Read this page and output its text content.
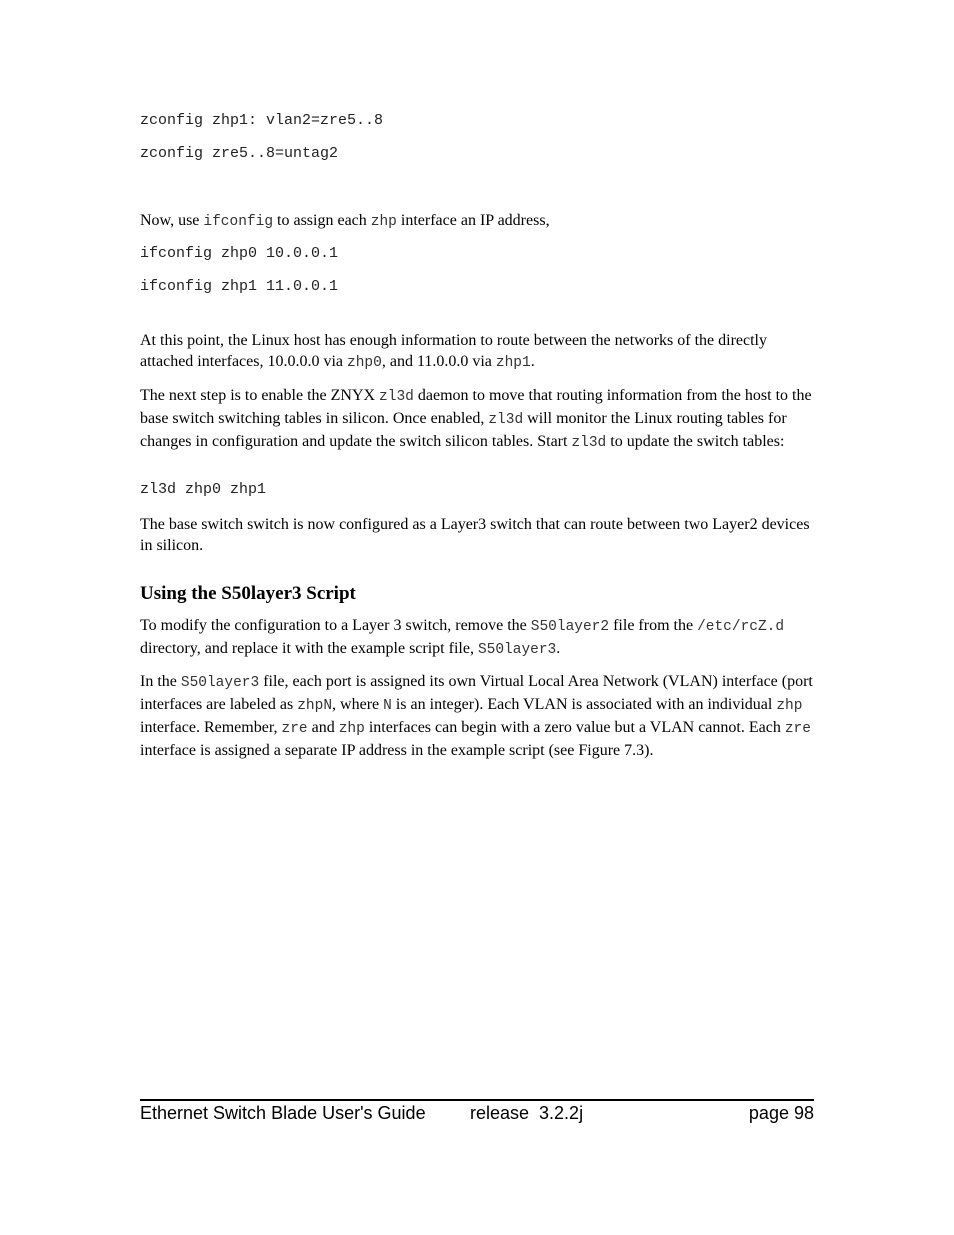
zconfig zhp1: vlan2=zre5..8
zconfig zre5..8=untag2
Now, use ifconfig to assign each zhp interface an IP address,
ifconfig zhp0 10.0.0.1
ifconfig zhp1 11.0.0.1
At this point, the Linux host has enough information to route between the networks of the directly attached interfaces, 10.0.0.0 via zhp0, and 11.0.0.0 via zhp1.
The next step is to enable the ZNYX zl3d daemon to move that routing information from the host to the base switch switching tables in silicon. Once enabled, zl3d will monitor the Linux routing tables for changes in configuration and update the switch silicon tables. Start zl3d to update the switch tables:
zl3d zhp0 zhp1
The base switch switch is now configured as a Layer3 switch that can route between two Layer2 devices in silicon.
Using the S50layer3 Script
To modify the configuration to a Layer 3 switch, remove the S50layer2 file from the /etc/rcZ.d directory, and replace it with the example script file, S50layer3.
In the S50layer3 file, each port is assigned its own Virtual Local Area Network (VLAN) interface (port interfaces are labeled as zhpN, where N is an integer). Each VLAN is associated with an individual zhp interface. Remember, zre and zhp interfaces can begin with a zero value but a VLAN cannot. Each zre interface is assigned a separate IP address in the example script (see Figure 7.3).
Ethernet Switch Blade User's Guide release  3.2.2j	page 98
